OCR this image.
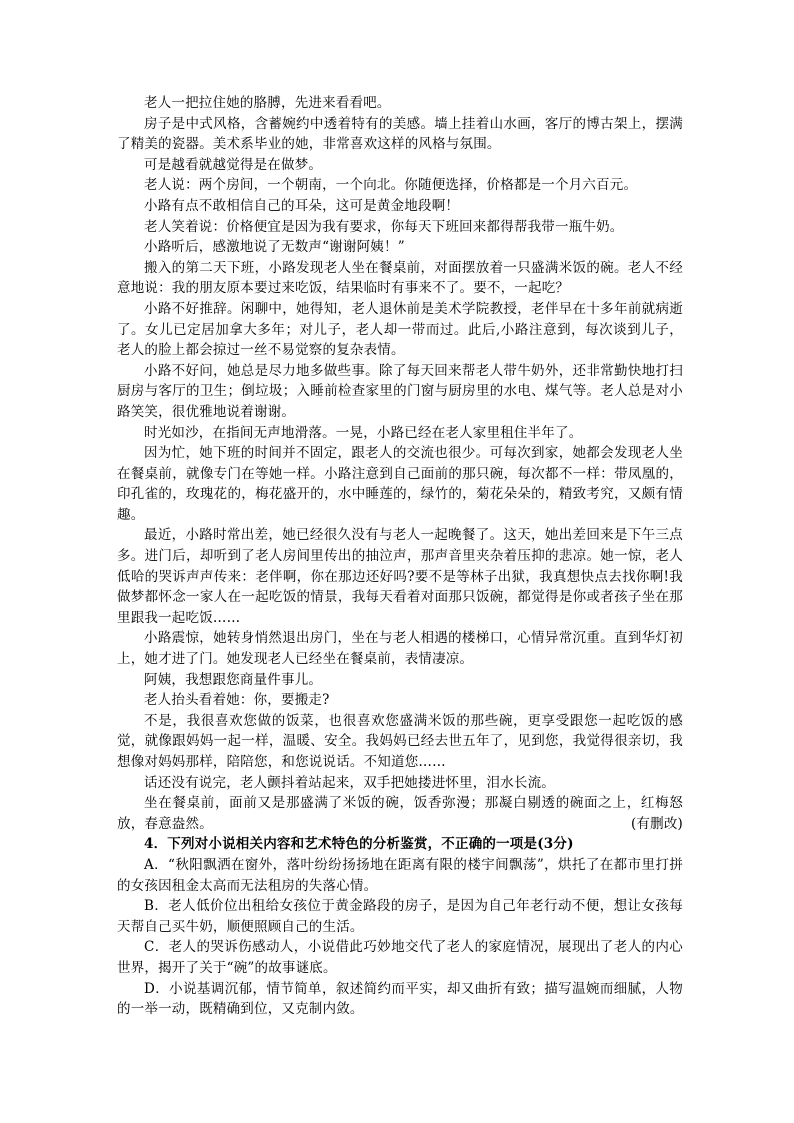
老人一把拉住她的胳膊，先进来看看吧。

房子是中式风格，含蓄婉约中透着特有的美感。墙上挂着山水画，客厅的博古架上，摆满了精美的瓷器。美术系毕业的她，非常喜欢这样的风格与氛围。

可是越看就越觉得是在做梦。

老人说：两个房间，一个朝南，一个向北。你随便选择，价格都是一个月六百元。

小路有点不敢相信自己的耳朵，这可是黄金地段啊！

老人笑着说：价格便宜是因为我有要求，你每天下班回来都得帮我带一瓶牛奶。

小路听后，感激地说了无数声“谢谢阿姨！”

搬入的第二天下班，小路发现老人坐在餐桌前，对面摆放着一只盛满米饭的碗。老人不经意地说：我的朋友原本要过来吃饭，结果临时有事来不了。要不，一起吃？

小路不好推辞。闲聊中，她得知，老人退休前是美术学院教授，老伴早在十多年前就病逝了。女儿已定居加拿大多年；对儿子，老人却一带而过。此后,小路注意到，每次谈到儿子，老人的脸上都会掠过一丝不易觉察的复杂表情。

小路不好问，她总是尽力地多做些事。除了每天回来帮老人带牛奶外，还非常勤快地打扫厨房与客厅的卫生；倒垃圾；入睡前检查家里的门窗与厨房里的水电、煤气等。老人总是对小路笑笑，很优雅地说着谢谢。

时光如沙，在指间无声地滑落。一晃，小路已经在老人家里租住半年了。

因为忙，她下班的时间并不固定，跟老人的交流也很少。可每次到家，她都会发现老人坐在餐桌前，就像专门在等她一样。小路注意到自己面前的那只碗，每次都不一样：带凤凰的，印孔雀的，玫瑰花的，梅花盛开的，水中睡莲的，绿竹的，菊花朵朵的，精致考究，又颇有情趣。

最近，小路时常出差，她已经很久没有与老人一起晚餐了。这天，她出差回来是下午三点多。进门后，却听到了老人房间里传出的抽泣声，那声音里夹杂着压抑的悲凉。她一惊，老人低哈的哭诉声声传来：老伴啊，你在那边还好吗?要不是等林子出狱，我真想快点去找你啊!我做梦都怀念一家人在一起吃饭的情景，我每天看着对面那只饭碗，都觉得是你或者孩子坐在那里跟我一起吃饭……

小路震惊，她转身悄然退出房门，坐在与老人相遇的楼梯口，心情异常沉重。直到华灯初上，她才进了门。她发现老人已经坐在餐桌前，表情凄凉。

阿姨，我想跟您商量件事儿。

老人抬头看着她：你，要搬走?

不是，我很喜欢您做的饭菜，也很喜欢您盛满米饭的那些碗，更享受跟您一起吃饭的感觉，就像跟妈妈一起一样，温暖、安全。我妈妈已经去世五年了，见到您，我觉得很亲切，我想像对妈妈那样，陪陪您，和您说说话。不知道您……

话还没有说完，老人颤抖着站起来，双手把她搂进怀里，泪水长流。

坐在餐桌前，面前又是那盛满了米饭的碗，饭香弥漫；那凝白剔透的碗面之上，红梅怒放，春意盎然。	(有删改)

4．下列对小说相关内容和艺术特色的分析鉴赏，不正确的一项是(3分)

A．“秋阳飘洒在窗外，落叶纷纷扬扬地在距离有限的楼宇间飘荡”，烘托了在都市里打拼的女孩因租金太高而无法租房的失落心情。

B．老人低价位出租给女孩位于黄金路段的房子，是因为自己年老行动不便，想让女孩每天帮自己买牛奶，顺便照顾自己的生活。

C．老人的哭诉伤感动人，小说借此巧妙地交代了老人的家庭情况，展现出了老人的内心世界，揭开了关于“碗”的故事谜底。

D．小说基调沉郁，情节简单，叙述简约而平实，却又曲折有致；描写温婉而细腻，人物的一举一动，既精确到位，又克制内敛。
